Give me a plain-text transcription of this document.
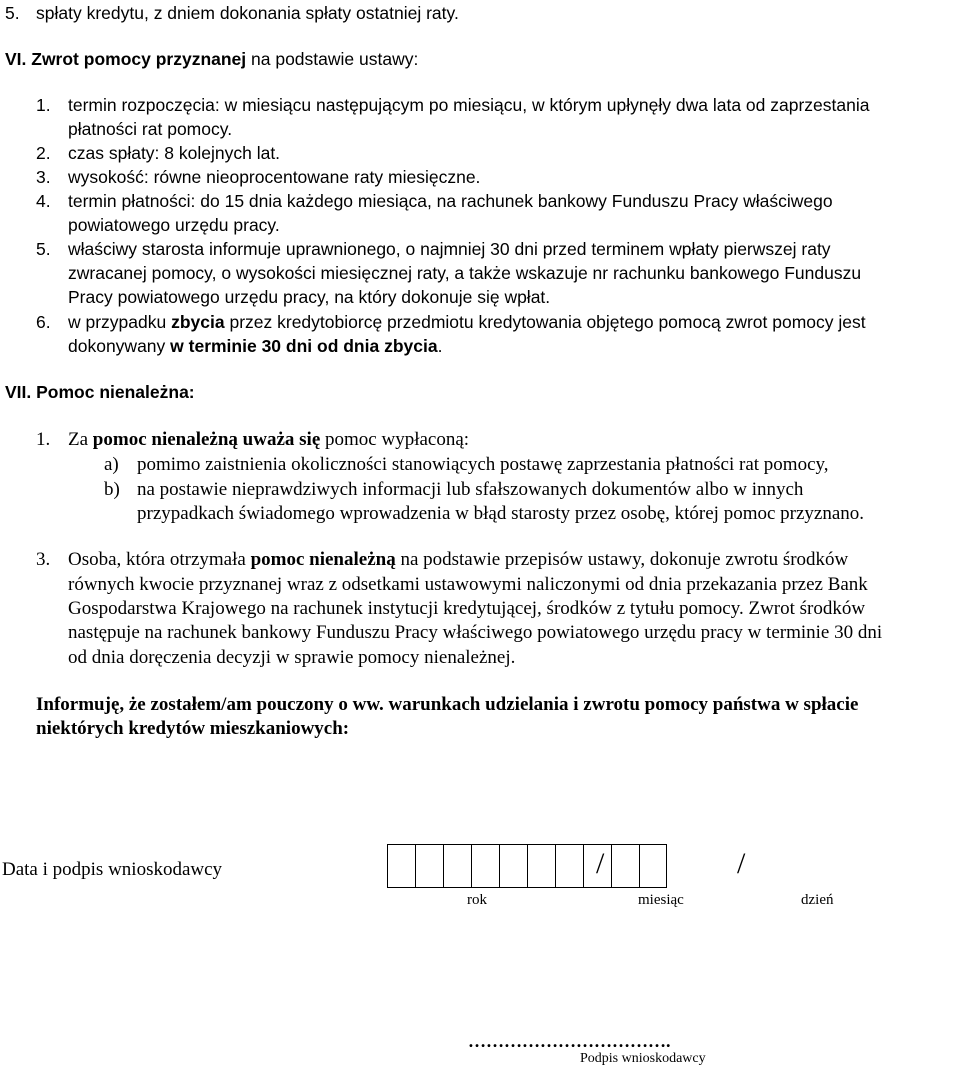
5. spłaty kredytu, z dniem dokonania spłaty ostatniej raty.
VI. Zwrot pomocy przyznanej na podstawie ustawy:
1. termin rozpoczęcia: w miesiącu następującym po miesiącu, w którym upłynęły dwa lata od zaprzestania
płatności rat pomocy.
2. czas spłaty: 8 kolejnych lat.
3. wysokość: równe nieoprocentowane raty miesięczne.
4. termin płatności: do 15 dnia każdego miesiąca, na rachunek bankowy Funduszu Pracy właściwego
powiatowego urzędu pracy.
5. właściwy starosta informuje uprawnionego, o najmniej 30 dni przed terminem wpłaty pierwszej raty
zwracanej pomocy, o wysokości miesięcznej raty, a także wskazuje nr rachunku bankowego Funduszu
Pracy powiatowego urzędu pracy, na który dokonuje się wpłat.
6. w przypadku zbycia przez kredytobiorcę przedmiotu kredytowania objętego pomocą zwrot pomocy jest
dokonywany w terminie 30 dni od dnia zbycia.
VII. Pomoc nienależna:
1. Za pomoc nienależną uważa się pomoc wypłaconą:
a) pomimo zaistnienia okoliczności stanowiących postawę zaprzestania płatności rat pomocy,
b) na postawie nieprawdziwych informacji lub sfałszowanych dokumentów albo w innych
przypadkach świadomego wprowadzenia w błąd starosty przez osobę, której pomoc przyznano.
3. Osoba, która otrzymała pomoc nienależną na podstawie przepisów ustawy, dokonuje zwrotu środków
równych kwocie przyznanej wraz z odsetkami ustawowymi naliczonymi od dnia przekazania przez Bank
Gospodarstwa Krajowego na rachunek instytucji kredytującej, środków z tytułu pomocy. Zwrot środków
następuje na rachunek bankowy Funduszu Pracy właściwego powiatowego urzędu pracy w terminie 30 dni
od dnia doręczenia decyzji w sprawie pomocy nienależnej.
Informuję, że zostałem/am pouczony o ww. warunkach udzielania i zwrotu pomocy państwa w spłacie
niektórych kredytów mieszkaniowych:
Data i podpis wnioskodawcy	/	/
rok	miesiąc	dzień
…………………………….
Podpis wnioskodawcy
